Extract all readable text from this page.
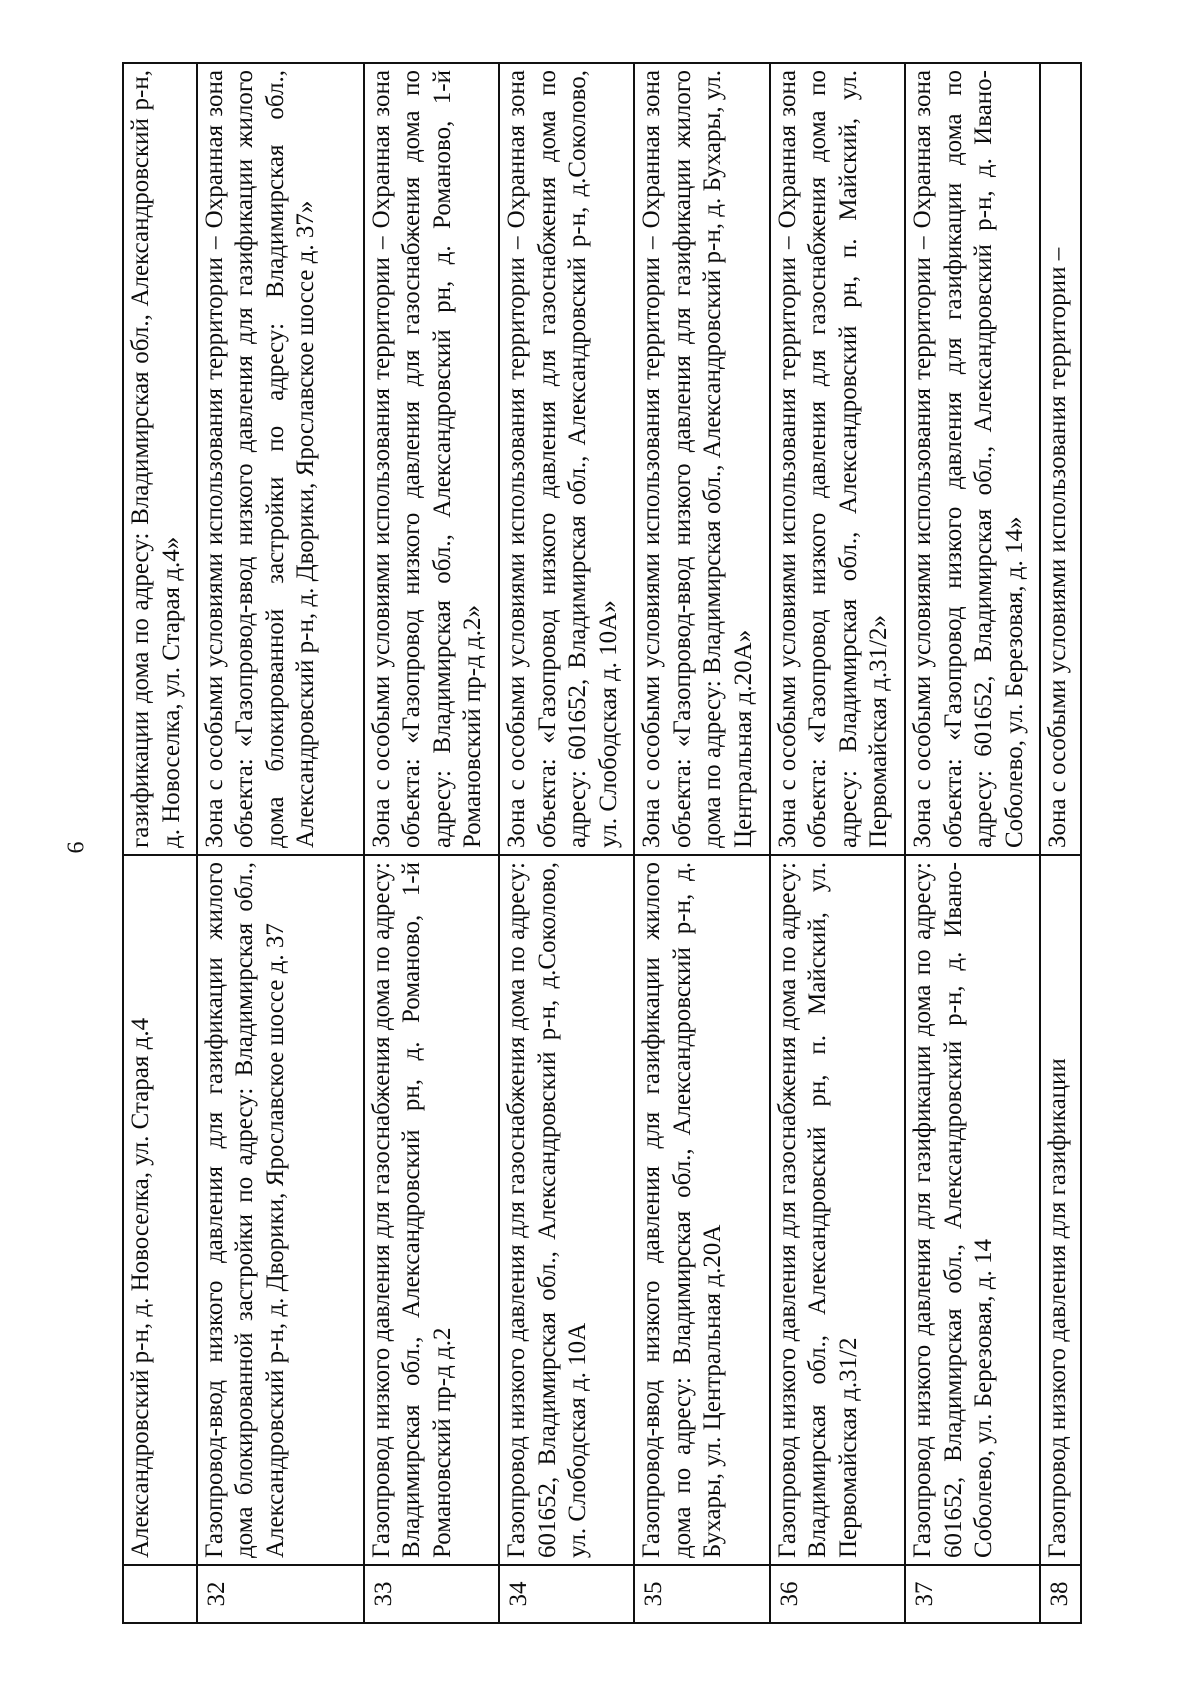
6
	Александровский р-н, д. Новоселка, ул. Старая д.4	газификации дома по адресу: Владимирская обл., Александровский р-н, д. Новоселка, ул. Старая д.4»
32	Газопровод-ввод низкого давления для газификации жилого дома блокированной застройки по адресу: Владимирская обл., Александровский р-н, д. Дворики, Ярославское шоссе д. 37	Зона с особыми условиями использования территории – Охранная зона объекта: «Газопровод-ввод низкого давления для газификации жилого дома блокированной застройки по адресу: Владимирская обл., Александровский р-н, д. Дворики, Ярославское шоссе д. 37»
33	Газопровод низкого давления для газоснабжения дома по адресу: Владимирская обл., Александровский рн, д. Романово, 1-й Романовский пр-д д.2	Зона с особыми условиями использования территории – Охранная зона объекта: «Газопровод низкого давления для газоснабжения дома по адресу: Владимирская обл., Александровский рн, д. Романово, 1-й Романовский пр-д д.2»
34	Газопровод низкого давления для газоснабжения дома по адресу: 601652, Владимирская обл., Александровский р-н, д.Соколово, ул. Слободская д. 10А	Зона с особыми условиями использования территории – Охранная зона объекта: «Газопровод низкого давления для газоснабжения дома по адресу: 601652, Владимирская обл., Александровский р-н, д.Соколово, ул. Слободская д. 10А»
35	Газопровод-ввод низкого давления для газификации жилого дома по адресу: Владимирская обл., Александровский р-н, д. Бухары, ул. Центральная д.20А	Зона с особыми условиями использования территории – Охранная зона объекта: «Газопровод-ввод низкого давления для газификации жилого дома по адресу: Владимирская обл., Александровский р-н, д. Бухары, ул. Центральная д.20А»
36	Газопровод низкого давления для газоснабжения дома по адресу: Владимирская обл., Александровский рн, п. Майский, ул. Первомайская д.31/2	Зона с особыми условиями использования территории – Охранная зона объекта: «Газопровод низкого давления для газоснабжения дома по адресу: Владимирская обл., Александровский рн, п. Майский, ул. Первомайская д.31/2»
37	Газопровод низкого давления для газификации дома по адресу: 601652, Владимирская обл., Александровский р-н, д. Ивано-Соболево, ул. Березовая, д. 14	Зона с особыми условиями использования территории – Охранная зона объекта: «Газопровод низкого давления для газификации дома по адресу: 601652, Владимирская обл., Александровский р-н, д. Ивано-Соболево, ул. Березовая, д. 14»
38	Газопровод низкого давления для газификации	Зона с особыми условиями использования территории –
